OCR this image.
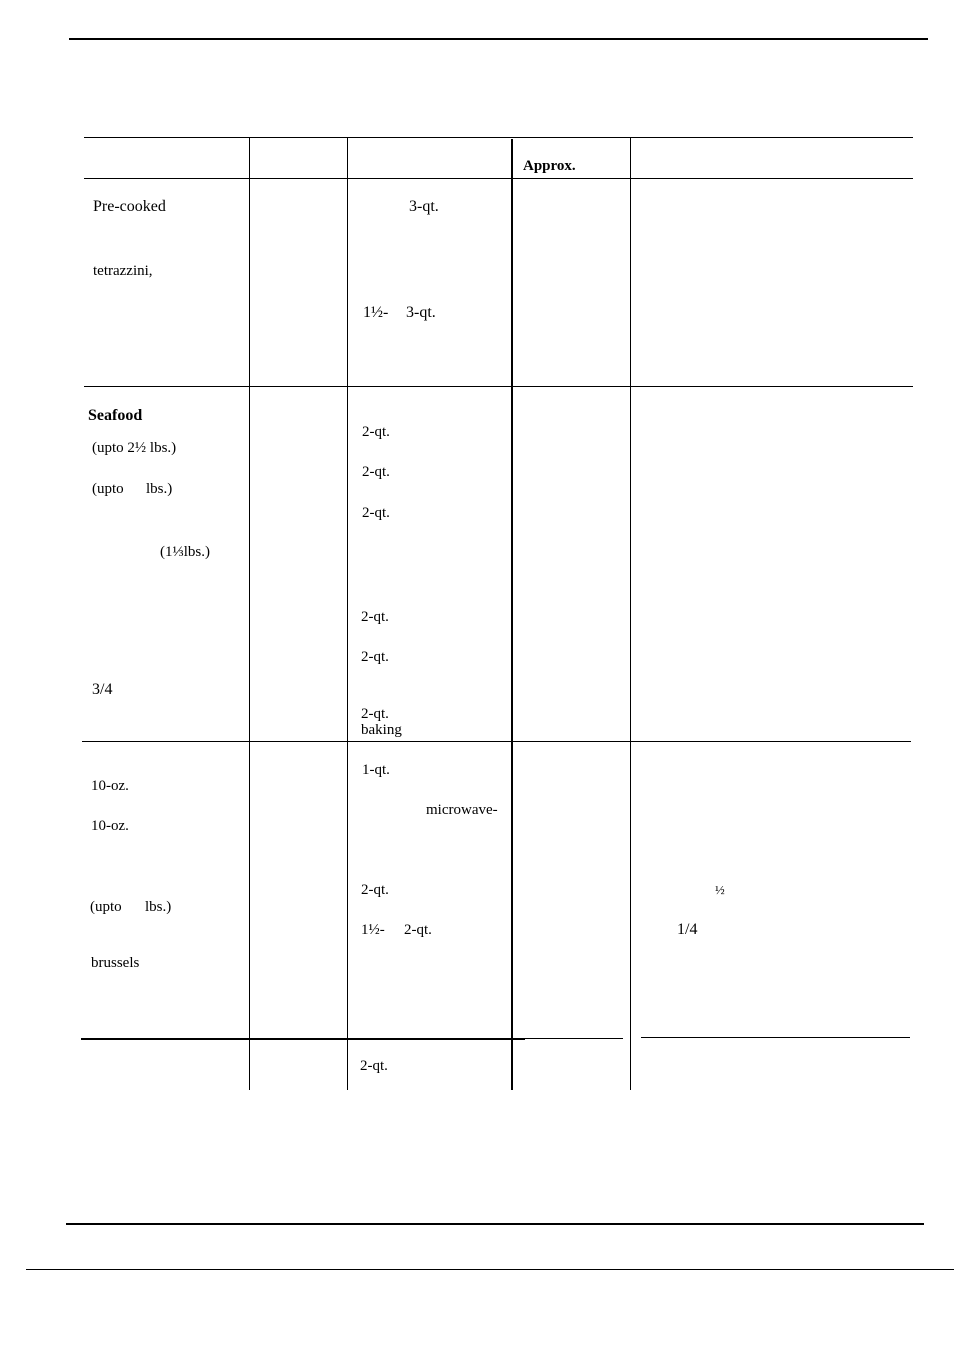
Approx.
Pre-cooked
tetrazzini,
3-qt.
1½- 3-qt.
Seafood
(upto 2½ lbs.)
(upto lbs.)
(1⅓lbs.)
3/4
2-qt.
2-qt.
2-qt.
2-qt.
2-qt.
2-qt.
baking
10-oz.
10-oz.
(upto lbs.)
brussels
1-qt.
microwave-
2-qt.
1½- 2-qt.
½
1/4
2-qt.
